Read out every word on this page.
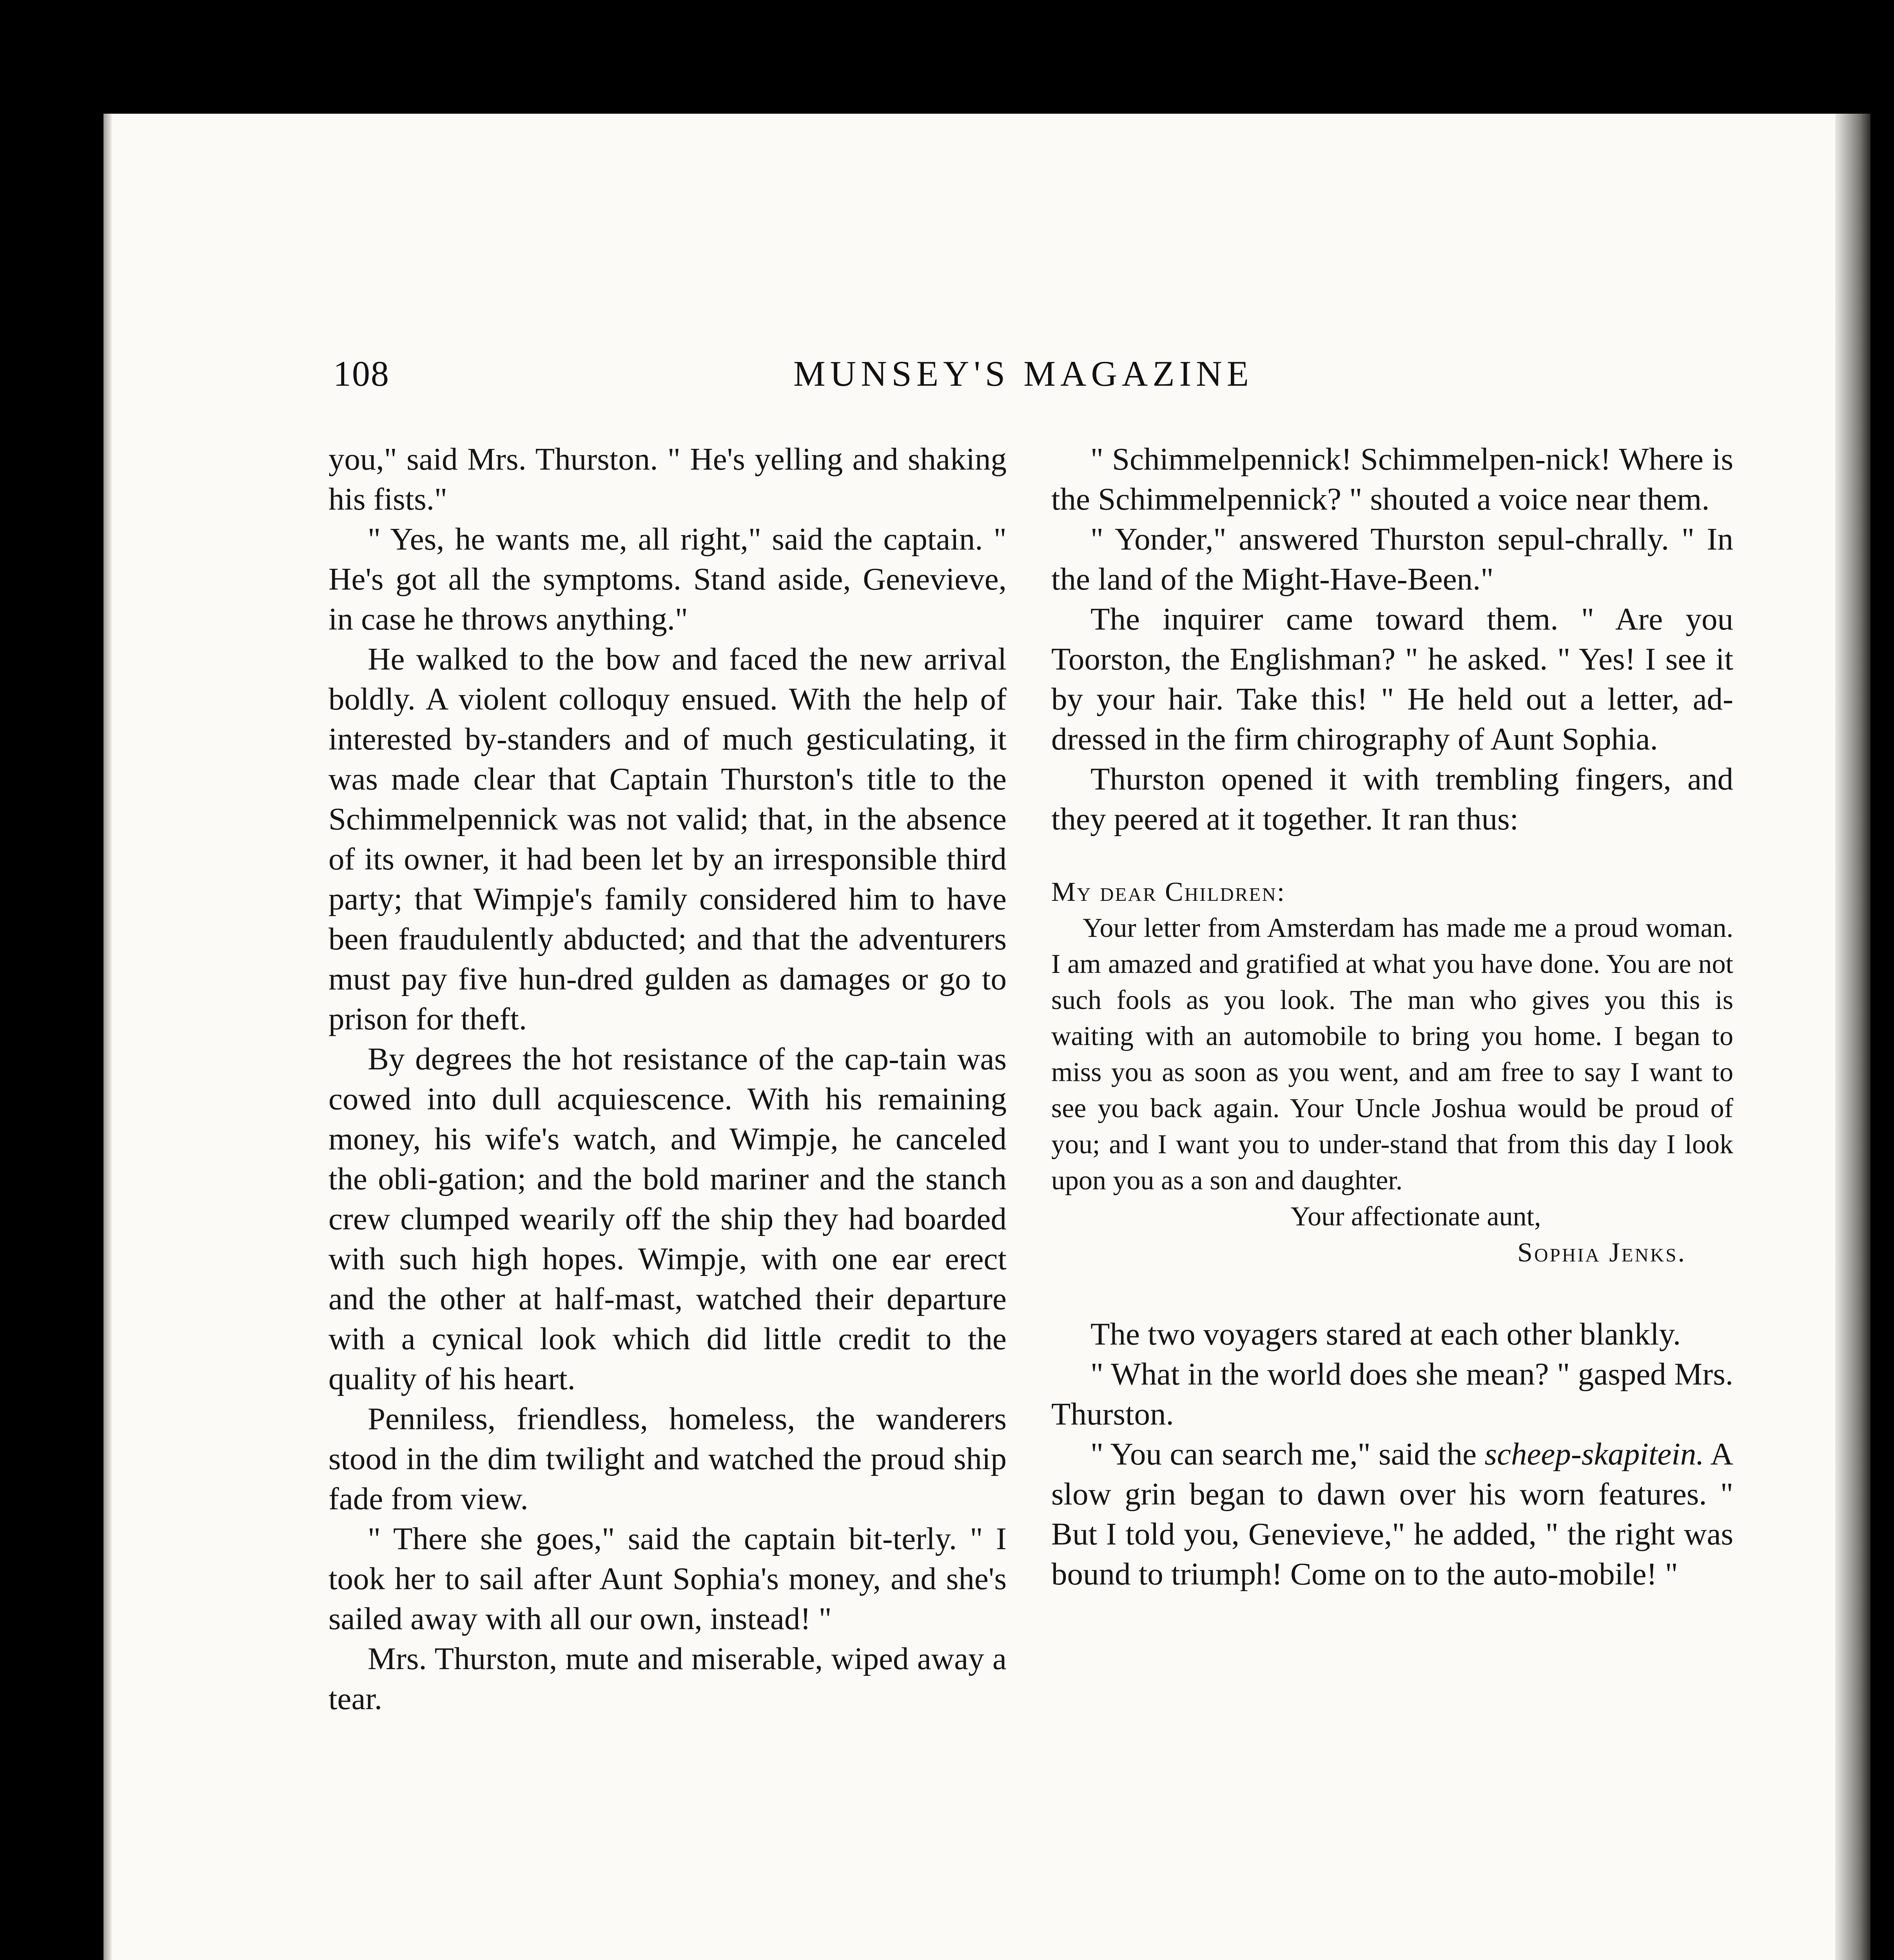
108	MUNSEY'S MAGAZINE

you," said Mrs. Thurston. " He's yelling and shaking his fists."

" Yes, he wants me, all right," said the captain. " He's got all the symptoms. Stand aside, Genevieve, in case he throws anything."

He walked to the bow and faced the new arrival boldly. A violent colloquy ensued. With the help of interested by-standers and of much gesticulating, it was made clear that Captain Thurston's title to the Schimmelpennick was not valid; that, in the absence of its owner, it had been let by an irresponsible third party; that Wimpje's family considered him to have been fraudulently abducted; and that the adventurers must pay five hun-dred gulden as damages or go to prison for theft.

By degrees the hot resistance of the cap-tain was cowed into dull acquiescence. With his remaining money, his wife's watch, and Wimpje, he canceled the obli-gation; and the bold mariner and the stanch crew clumped wearily off the ship they had boarded with such high hopes. Wimpje, with one ear erect and the other at half-mast, watched their departure with a cynical look which did little credit to the quality of his heart.

Penniless, friendless, homeless, the wanderers stood in the dim twilight and watched the proud ship fade from view.

" There she goes," said the captain bit-terly. " I took her to sail after Aunt Sophia's money, and she's sailed away with all our own, instead! "

Mrs. Thurston, mute and miserable, wiped away a tear.

" Schimmelpennick! Schimmelpen-nick! Where is the Schimmelpennick? " shouted a voice near them.

" Yonder," answered Thurston sepul-chrally. " In the land of the Might-Have-Been."

The inquirer came toward them. " Are you Toorston, the Englishman? " he asked. " Yes! I see it by your hair. Take this! " He held out a letter, ad-dressed in the firm chirography of Aunt Sophia.

Thurston opened it with trembling fingers, and they peered at it together. It ran thus:

My dear Children:

Your letter from Amsterdam has made me a proud woman. I am amazed and gratified at what you have done. You are not such fools as you look. The man who gives you this is waiting with an automobile to bring you home. I began to miss you as soon as you went, and am free to say I want to see you back again. Your Uncle Joshua would be proud of you; and I want you to under-stand that from this day I look upon you as a son and daughter.

Your affectionate aunt,

Sophia Jenks.

The two voyagers stared at each other blankly.

" What in the world does she mean? " gasped Mrs. Thurston.

" You can search me," said the scheep-skapitein. A slow grin began to dawn over his worn features. " But I told you, Genevieve," he added, " the right was bound to triumph! Come on to the auto-mobile! "
